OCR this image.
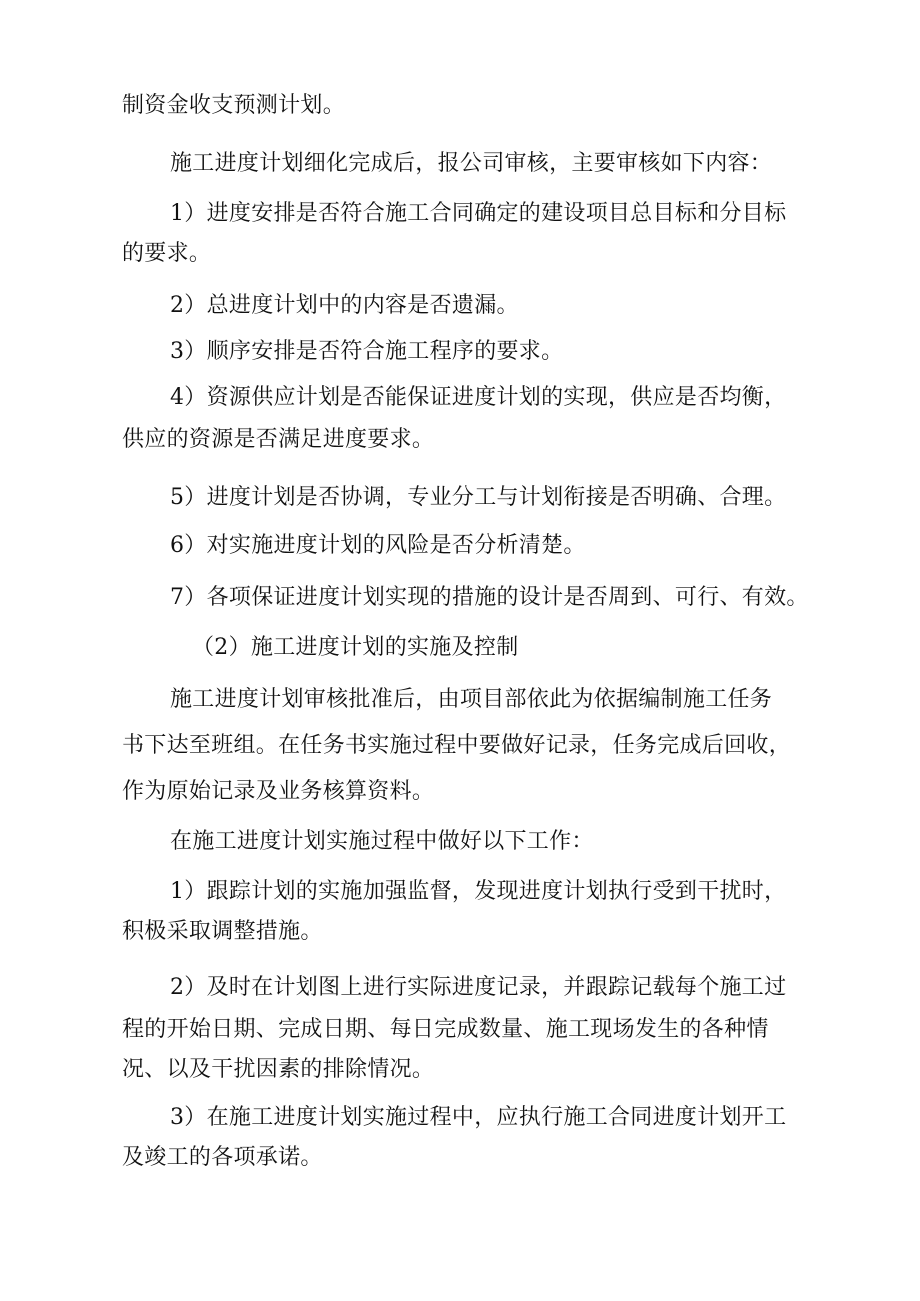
制资金收支预测计划。
施工进度计划细化完成后，报公司审核，主要审核如下内容：
1）进度安排是否符合施工合同确定的建设项目总目标和分目标
的要求。
2）总进度计划中的内容是否遗漏。
3）顺序安排是否符合施工程序的要求。
4）资源供应计划是否能保证进度计划的实现，供应是否均衡，
供应的资源是否满足进度要求。
5）进度计划是否协调，专业分工与计划衔接是否明确、合理。
6）对实施进度计划的风险是否分析清楚。
7）各项保证进度计划实现的措施的设计是否周到、可行、有效。
（2）施工进度计划的实施及控制
施工进度计划审核批准后，由项目部依此为依据编制施工任务
书下达至班组。在任务书实施过程中要做好记录，任务完成后回收，
作为原始记录及业务核算资料。
在施工进度计划实施过程中做好以下工作：
1）跟踪计划的实施加强监督，发现进度计划执行受到干扰时，
积极采取调整措施。
2）及时在计划图上进行实际进度记录，并跟踪记载每个施工过
程的开始日期、完成日期、每日完成数量、施工现场发生的各种情
况、以及干扰因素的排除情况。
3）在施工进度计划实施过程中，应执行施工合同进度计划开工
及竣工的各项承诺。
